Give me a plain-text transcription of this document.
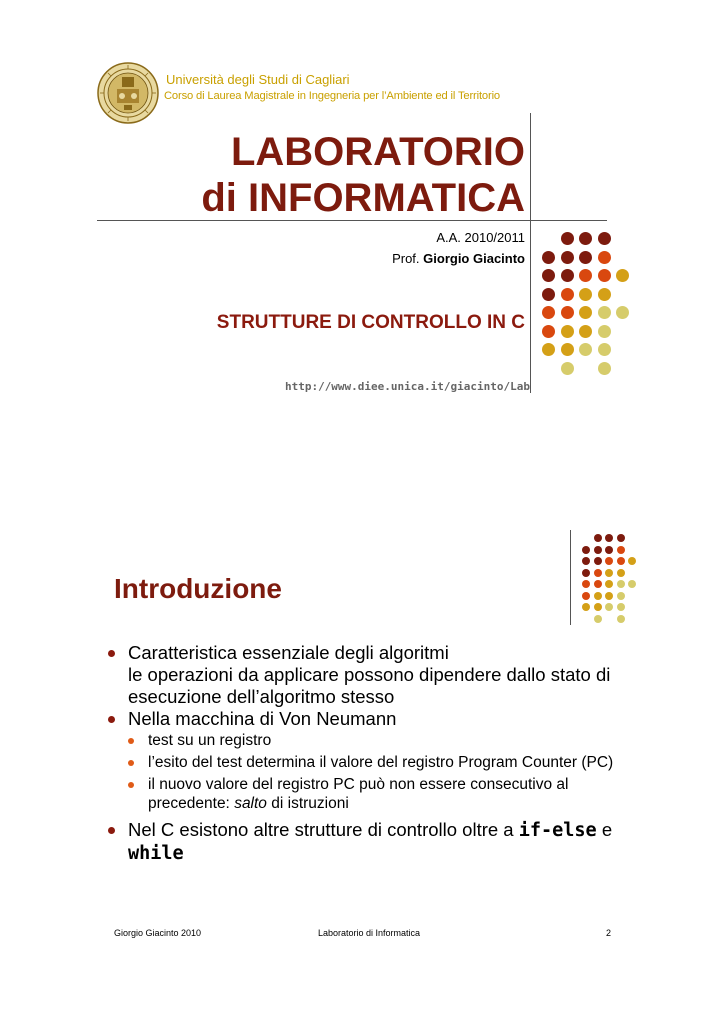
Università degli Studi di Cagliari
Corso di Laurea Magistrale in Ingegneria per l’Ambiente ed il Territorio
LABORATORIO
di INFORMATICA
A.A. 2010/2011
Prof. Giorgio Giacinto
STRUTTURE DI CONTROLLO IN C
http://www.diee.unica.it/giacinto/Lab
Introduzione
Caratteristica essenziale degli algoritmi
le operazioni da applicare possono dipendere dallo stato di esecuzione dell’algoritmo stesso
Nella macchina di Von Neumann
test su un registro
l’esito del test determina il valore del registro Program Counter (PC)
il nuovo valore del registro PC può non essere consecutivo al precedente: salto di istruzioni
Nel C esistono altre strutture di controllo oltre a if-else e while
Giorgio Giacinto 2010	Laboratorio di Informatica	2
